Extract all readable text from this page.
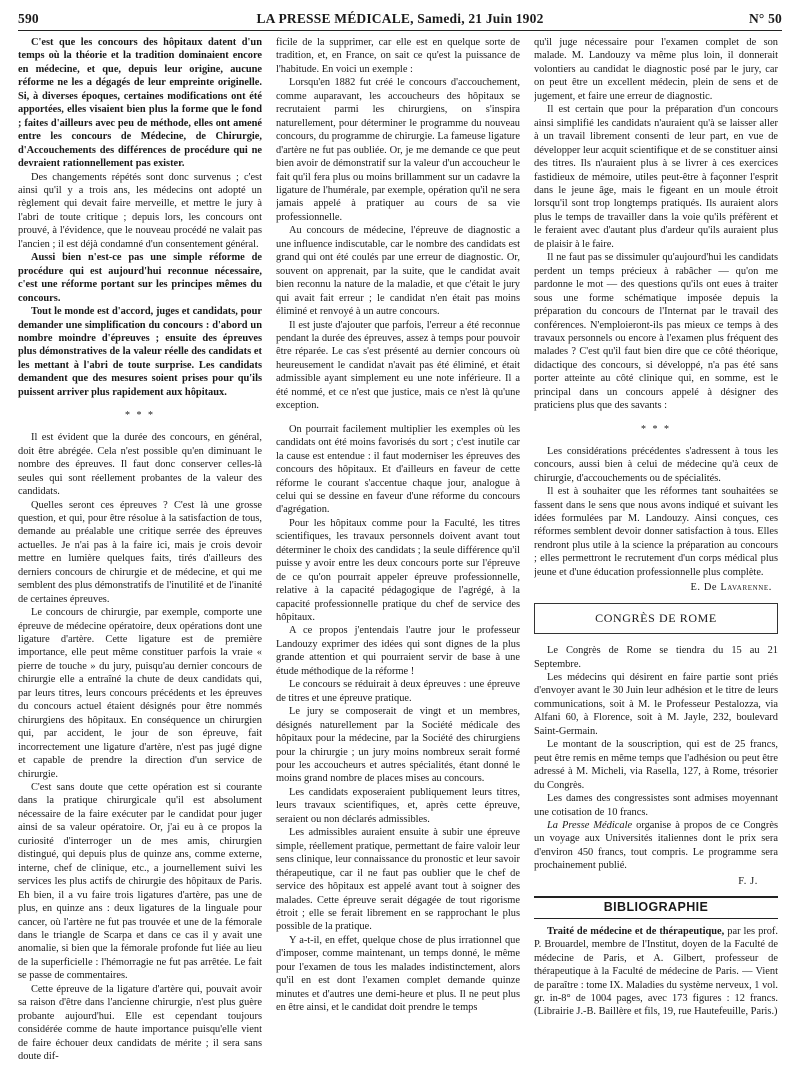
590	LA PRESSE MÉDICALE, Samedi, 21 Juin 1902	N° 50

C'est que les concours des hôpitaux datent d'un temps où la théorie et la tradition dominaient encore en médecine, et que, depuis leur origine, aucune réforme ne les a dégagés de leur empreinte originelle. Si, à diverses époques, certaines modifications ont été apportées, elles visaient bien plus la forme que le fond ; faites d'ailleurs avec peu de méthode, elles ont amené entre les concours de Médecine, de Chirurgie, d'Accouchements des différences de procédure qui ne devraient rationnellement pas exister.

Des changements répétés sont donc survenus ; c'est ainsi qu'il y a trois ans, les médecins ont adopté un règlement qui devait faire merveille, et mettre le jury à l'abri de toute critique ; depuis lors, les concours ont prouvé, à l'évidence, que le nouveau procédé ne valait pas l'ancien ; il est déjà condamné d'un consentement général.

Aussi bien n'est-ce pas une simple réforme de procédure qui est aujourd'hui reconnue nécessaire, c'est une réforme portant sur les principes mêmes du concours.

Tout le monde est d'accord, juges et candidats, pour demander une simplification du concours : d'abord un nombre moindre d'épreuves ; ensuite des épreuves plus démonstratives de la valeur réelle des candidats et les mettant à l'abri de toute surprise. Les candidats demandent que des mesures soient prises pour qu'ils puissent arriver plus rapidement aux hôpitaux.

* * *

Il est évident que la durée des concours, en général, doit être abrégée. Cela n'est possible qu'en diminuant le nombre des épreuves. Il faut donc conserver celles-là seules qui sont réellement probantes de la valeur des candidats.

Quelles seront ces épreuves ? C'est là une grosse question, et qui, pour être résolue à la satisfaction de tous, demande au préalable une critique serrée des épreuves actuelles. Je n'ai pas à la faire ici, mais je crois devoir mettre en lumière quelques faits, tirés d'ailleurs des derniers concours de chirurgie et de médecine, et qui me semblent des plus démonstratifs de l'inutilité et de l'inanité de certaines épreuves.

Le concours de chirurgie, par exemple, comporte une épreuve de médecine opératoire, deux opérations dont une ligature d'artère. Cette ligature est de première importance, elle peut même constituer parfois la vraie « pierre de touche » du jury, puisqu'au dernier concours de chirurgie elle a entraîné la chute de deux candidats qui, par leurs titres, leurs concours précédents et les épreuves du concours actuel étaient désignés pour être nommés chirurgiens des hôpitaux. En conséquence un chirurgien qui, par accident, le jour de son épreuve, fait incorrectement une ligature d'artère, n'est pas jugé digne et capable de prendre la direction d'un service de chirurgie.

C'est sans doute que cette opération est si courante dans la pratique chirurgicale qu'il est absolument nécessaire de la faire exécuter par le candidat pour juger ainsi de sa valeur opératoire. Or, j'ai eu à ce propos la curiosité d'interroger un de mes amis, chirurgien distingué, qui depuis plus de quinze ans, comme externe, interne, chef de clinique, etc., a journellement suivi les services les plus actifs de chirurgie des hôpitaux de Paris. Eh bien, il a vu faire trois ligatures d'artère, pas une de plus, en quinze ans : deux ligatures de la linguale pour cancer, où l'artère ne fut pas trouvée et une de la fémorale dans le triangle de Scarpa et dans ce cas il y avait une anomalie, si bien que la fémorale profonde fut liée au lieu de la superficielle : l'hémorragie ne fut pas arrêtée. Le fait se passe de commentaires.

Cette épreuve de la ligature d'artère qui, pouvait avoir sa raison d'être dans l'ancienne chirurgie, n'est plus guère probante aujourd'hui. Elle est cependant toujours considérée comme de haute importance puisqu'elle vient de faire échouer deux candidats de mérite ; il sera sans doute dif-

ficile de la supprimer, car elle est en quelque sorte de tradition, et, en France, on sait ce qu'est la puissance de l'habitude. En voici un exemple :

Lorsqu'en 1882 fut créé le concours d'accouchement, comme auparavant, les accoucheurs des hôpitaux se recrutaient parmi les chirurgiens, on s'inspira naturellement, pour déterminer le programme du nouveau concours, du programme de chirurgie. La fameuse ligature d'artère ne fut pas oubliée. Or, je me demande ce que peut bien avoir de démonstratif sur la valeur d'un accoucheur le fait qu'il fera plus ou moins brillamment sur un cadavre la ligature de l'humérale, par exemple, opération qu'il ne sera jamais appelé à pratiquer au cours de sa vie professionnelle.

Au concours de médecine, l'épreuve de diagnostic a une influence indiscutable, car le nombre des candidats est grand qui ont été coulés par une erreur de diagnostic. Or, souvent on apprenait, par la suite, que le candidat avait bien reconnu la nature de la maladie, et que c'était le jury qui avait fait erreur ; le candidat n'en était pas moins éliminé et renvoyé à un autre concours.

Il est juste d'ajouter que parfois, l'erreur a été reconnue pendant la durée des épreuves, assez à temps pour pouvoir être réparée. Le cas s'est présenté au dernier concours où heureusement le candidat n'avait pas été éliminé, et était admissible ayant simplement eu une note inférieure. Il a été nommé, et ce n'est que justice, mais ce n'est là qu'une exception.

On pourrait facilement multiplier les exemples où les candidats ont été moins favorisés du sort ; c'est inutile car la cause est entendue : il faut moderniser les épreuves des concours des hôpitaux. Et d'ailleurs en faveur de cette réforme le courant s'accentue chaque jour, analogue à celui qui se dessine en faveur d'une réforme du concours d'agrégation.

Pour les hôpitaux comme pour la Faculté, les titres scientifiques, les travaux personnels doivent avant tout déterminer le choix des candidats ; la seule différence qu'il puisse y avoir entre les deux concours porte sur l'épreuve de ce qu'on pourrait appeler épreuve professionnelle, relative à la capacité pédagogique de l'agrégé, à la capacité professionnelle pratique du chef de service des hôpitaux.

A ce propos j'entendais l'autre jour le professeur Landouzy exprimer des idées qui sont dignes de la plus grande attention et qui pourraient servir de base à une étude méthodique de la réforme !

Le concours se réduirait à deux épreuves : une épreuve de titres et une épreuve pratique.

Le jury se composerait de vingt et un membres, désignés naturellement par la Société médicale des hôpitaux pour la médecine, par la Société des chirurgiens pour la chirurgie ; un jury moins nombreux serait formé pour les accoucheurs et autres spécialités, étant donné le moins grand nombre de places mises au concours.

Les candidats exposeraient publiquement leurs titres, leurs travaux scientifiques, et, après cette épreuve, seraient ou non déclarés admissibles.

Les admissibles auraient ensuite à subir une épreuve simple, réellement pratique, permettant de faire valoir leur sens clinique, leur connaissance du pronostic et leur savoir thérapeutique, car il ne faut pas oublier que le chef de service des hôpitaux est appelé avant tout à soigner des malades. Cette épreuve serait dégagée de tout rigorisme étroit ; elle se ferait librement en se rapprochant le plus possible de la pratique.

Y a-t-il, en effet, quelque chose de plus irrationnel que d'imposer, comme maintenant, un temps donné, le même pour l'examen de tous les malades indistinctement, alors qu'il en est dont l'examen complet demande quinze minutes et d'autres une demi-heure et plus. Il ne peut plus en être ainsi, et le candidat doit prendre le temps

qu'il juge nécessaire pour l'examen complet de son malade. M. Landouzy va même plus loin, il donnerait volontiers au candidat le diagnostic posé par le jury, car on peut être un excellent médecin, plein de sens et de jugement, et faire une erreur de diagnostic.

Il est certain que pour la préparation d'un concours ainsi simplifié les candidats n'auraient qu'à se laisser aller à un travail librement consenti de leur part, en vue de développer leur acquit scientifique et de se constituer ainsi des titres. Ils n'auraient plus à se livrer à ces exercices fastidieux de mémoire, utiles peut-être à façonner l'esprit dans le jeune âge, mais le figeant en un moule étroit lorsqu'il sont trop longtemps pratiqués. Ils auraient alors plus le temps de travailler dans la voie qu'ils préfèrent et le feraient avec d'autant plus d'ardeur qu'ils auraient plus de plaisir à le faire.

Il ne faut pas se dissimuler qu'aujourd'hui les candidats perdent un temps précieux à rabâcher — qu'on me pardonne le mot — des questions qu'ils ont eues à traiter sous une forme schématique imposée depuis la préparation du concours de l'Internat par le travail des conférences. N'emploieront-ils pas mieux ce temps à des travaux personnels ou encore à l'examen plus fréquent des malades ? C'est qu'il faut bien dire que ce côté théorique, didactique des concours, si développé, n'a pas été sans porter atteinte au côté clinique qui, en somme, est le principal dans un concours appelé à désigner des praticiens plus que des savants :

* * *

Les considérations précédentes s'adressent à tous les concours, aussi bien à celui de médecine qu'à ceux de chirurgie, d'accouchements ou de spécialités.

Il est à souhaiter que les réformes tant souhaitées se fassent dans le sens que nous avons indiqué et suivant les idées formulées par M. Landouzy. Ainsi conçues, ces réformes semblent devoir donner satisfaction à tous. Elles rendront plus utile à la science la préparation au concours ; elles permettront le recrutement d'un corps médical plus jeune et d'une éducation professionnelle plus complète.

E. De Lavarenne.
CONGRÈS DE ROME

Le Congrès de Rome se tiendra du 15 au 21 Septembre.

Les médecins qui désirent en faire partie sont priés d'envoyer avant le 30 Juin leur adhésion et le titre de leurs communications, soit à M. le Professeur Pestalozza, via Alfani 60, à Florence, soit à M. Jayle, 232, boulevard Saint-Germain.

Le montant de la souscription, qui est de 25 francs, peut être remis en même temps que l'adhésion ou peut être adressé à M. Micheli, via Rasella, 127, à Rome, trésorier du Congrès.

Les dames des congressistes sont admises moyennant une cotisation de 10 francs.

La Presse Médicale organise à propos de ce Congrès un voyage aux Universités italiennes dont le prix sera d'environ 450 francs, tout compris. Le programme sera prochainement publié.

F. J.
BIBLIOGRAPHIE

Traité de médecine et de thérapeutique, par les prof. P. Brouardel, membre de l'Institut, doyen de la Faculté de médecine de Paris, et A. Gilbert, professeur de thérapeutique à la Faculté de médecine de Paris. — Vient de paraître : tome IX. Maladies du système nerveux, 1 vol. gr. in-8° de 1004 pages, avec 173 figures : 12 francs. (Librairie J.-B. Baillère et fils, 19, rue Hautefeuille, Paris.)
